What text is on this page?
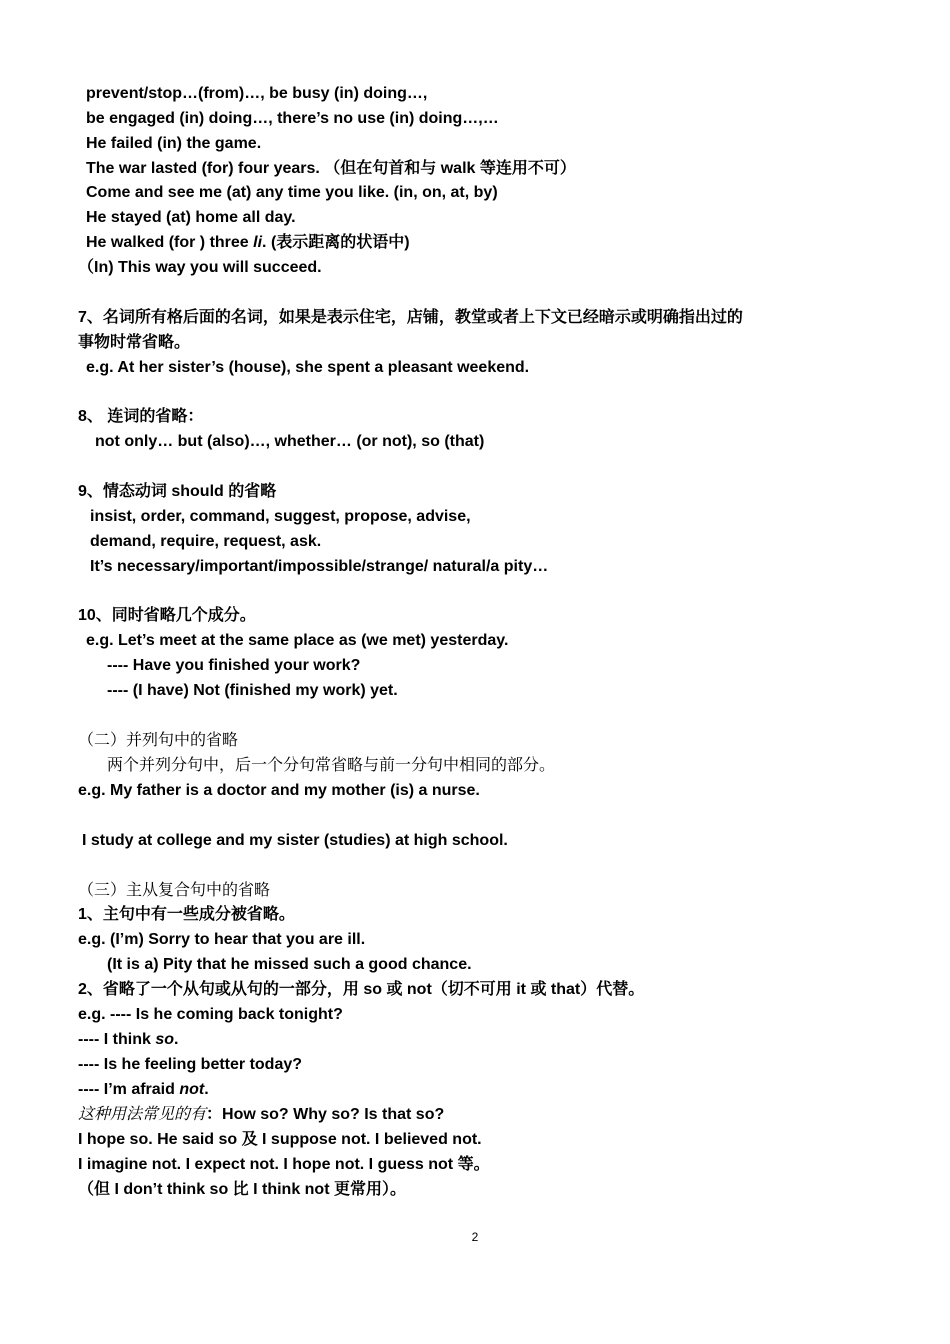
prevent/stop…(from)…, be busy (in) doing…,
be engaged (in) doing…, there’s no use (in) doing…,…
He failed (in) the game.
The war lasted (for) four years. （但在句首和与 walk 等连用不可）
Come and see me (at) any time you like. (in, on, at, by)
He stayed (at) home all day.
He walked (for ) three li. (表示距离的状语中)
（In) This way you will succeed.
7、名词所有格后面的名词，如果是表示住宅，店铺，教堂或者上下文已经暗示或明确指出过的
事物时常省略。
e.g. At her sister’s (house), she spent a pleasant weekend.
8、 连词的省略：
not only… but (also)…, whether… (or not), so (that)
9、情态动词 should 的省略
insist, order, command, suggest, propose, advise,
demand, require, request, ask.
It’s necessary/important/impossible/strange/ natural/a pity…
10、同时省略几个成分。
e.g. Let’s meet at the same place as (we met) yesterday.
---- Have you finished your work?
---- (I have) Not (finished my work) yet.
（二）并列句中的省略
两个并列分句中，后一个分句常省略与前一分句中相同的部分。
e.g. My father is a doctor and my mother (is) a nurse.
I study at college and my sister (studies) at high school.
（三）主从复合句中的省略
1、主句中有一些成分被省略。
e.g. (I’m) Sorry to hear that you are ill.
(It is a) Pity that he missed such a good chance.
2、省略了一个从句或从句的一部分，用 so 或 not（切不可用 it 或 that）代替。
e.g. ---- Is he coming back tonight?
---- I think so.
---- Is he feeling better today?
---- I’m afraid not.
这种用法常见的有：How so? Why so? Is that so?
I hope so. He said so 及 I suppose not. I believed not.
I imagine not. I expect not. I hope not. I guess not 等。
（但 I don’t think so 比 I think not 更常用）。
2
